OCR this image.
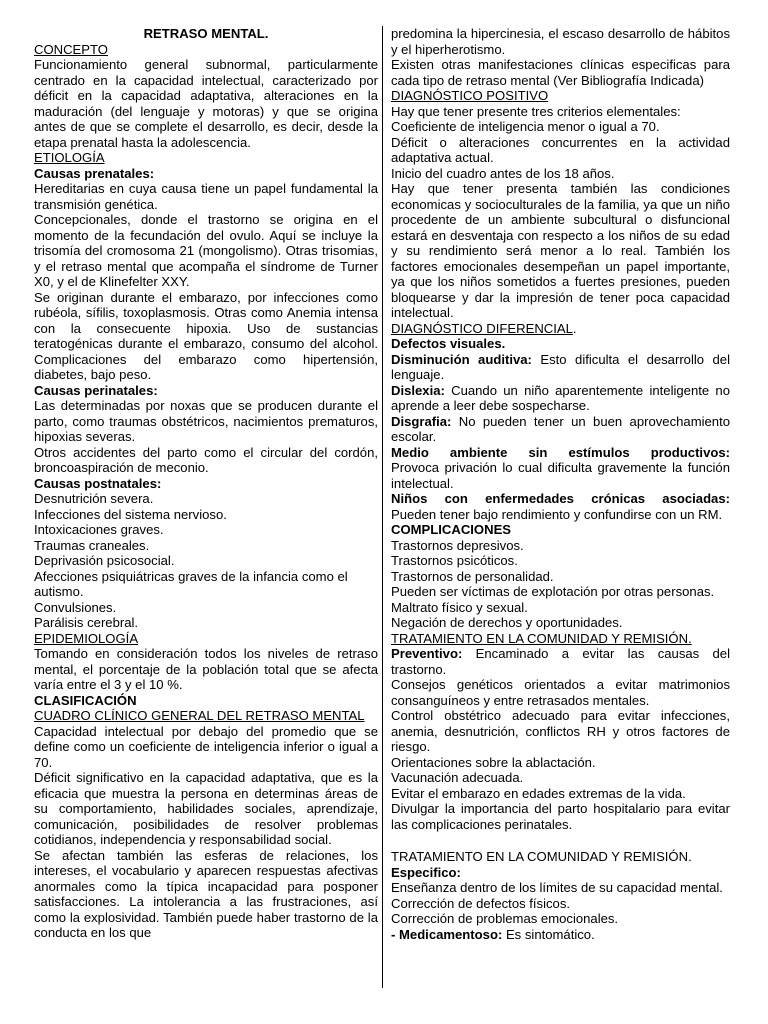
RETRASO MENTAL.

CONCEPTO

Funcionamiento general subnormal, particularmente centrado en la capacidad intelectual, caracterizado por déficit en la capacidad adaptativa, alteraciones en la maduración (del lenguaje y motoras) y que se origina antes de que se complete el desarrollo, es decir, desde la etapa prenatal hasta la adolescencia.

ETIOLOGÍA

Causas prenatales:

Hereditarias en cuya causa tiene un papel fundamental la transmisión genética.

Concepcionales, donde el trastorno se origina en el momento de la fecundación del ovulo. Aquí se incluye la trisomía del cromosoma 21 (mongolismo). Otras trisomias, y el retraso mental que acompaña el síndrome de Turner X0, y el de Klinefelter XXY.

Se originan durante el embarazo, por infecciones como rubéola, sífilis, toxoplasmosis. Otras como Anemia intensa con la consecuente hipoxia. Uso de sustancias teratogénicas durante el embarazo, consumo del alcohol. Complicaciones del embarazo como hipertensión, diabetes, bajo peso.

Causas perinatales:

Las determinadas por noxas que se producen durante el parto, como traumas obstétricos, nacimientos prematuros, hipoxias severas.

Otros accidentes del parto como el circular del cordón, broncoaspiración de meconio.

Causas postnatales:

Desnutrición severa.

Infecciones del sistema nervioso.

Intoxicaciones graves.

Traumas craneales.

Deprivasión psicosocial.

Afecciones psiquiátricas graves de la infancia como el autismo.

Convulsiones.

Parálisis cerebral.

EPIDEMIOLOGÍA

Tomando en consideración todos los niveles de retraso mental, el porcentaje de la población total que se afecta varía entre el 3 y el 10 %.

CLASIFICACIÓN

CUADRO CLÍNICO GENERAL DEL RETRASO MENTAL

Capacidad intelectual por debajo del promedio que se define como un coeficiente de inteligencia inferior o igual a 70.

Déficit significativo en la capacidad adaptativa, que es la eficacia que muestra la persona en determinas áreas de su comportamiento, habilidades sociales, aprendizaje, comunicación, posibilidades de resolver problemas cotidianos, independencia y responsabilidad social.

Se afectan también las esferas de relaciones, los intereses, el vocabulario y aparecen respuestas afectivas anormales como la típica incapacidad para posponer satisfacciones. La intolerancia a las frustraciones, así como la explosividad. También puede haber trastorno de la conducta en los que

predomina la hipercinesia, el escaso desarrollo de hábitos y el hiperherotismo.

Existen otras manifestaciones clínicas especificas para cada tipo de retraso mental (Ver Bibliografía Indicada)

DIAGNÓSTICO POSITIVO

Hay que tener presente tres criterios elementales:

Coeficiente de inteligencia menor o igual a 70.

Déficit o alteraciones concurrentes en la actividad adaptativa actual.

Inicio del cuadro antes de los 18 años.

Hay que tener presenta también las condiciones economicas y socioculturales de la familia, ya que un niño procedente de un ambiente subcultural o disfuncional estará en desventaja con respecto a los niños de su edad y su rendimiento será menor a lo real. También los factores emocionales desempeñan un papel importante, ya que los niños sometidos a fuertes presiones, pueden bloquearse y dar la impresión de tener poca capacidad intelectual.

DIAGNÓSTICO DIFERENCIAL.

Defectos visuales.

Disminución auditiva: Esto dificulta el desarrollo del lenguaje.

Dislexia: Cuando un niño aparentemente inteligente no aprende a leer debe sospecharse.

Disgrafia: No pueden tener un buen aprovechamiento escolar.

Medio ambiente sin estímulos productivos:

Provoca privación lo cual dificulta gravemente la función intelectual.

Niños con enfermedades crónicas asociadas:

Pueden tener bajo rendimiento y confundirse con un RM.

COMPLICACIONES

Trastornos depresivos.

Trastornos psicóticos.

Trastornos de personalidad.

Pueden ser víctimas de explotación por otras personas.

Maltrato físico y sexual.

Negación de derechos y oportunidades.

TRATAMIENTO EN LA COMUNIDAD Y REMISIÓN.

Preventivo: Encaminado a evitar las causas del trastorno.

Consejos genéticos orientados a evitar matrimonios consanguíneos y entre retrasados mentales.

Control obstétrico adecuado para evitar infecciones, anemia, desnutrición, conflictos RH y otros factores de riesgo.

Orientaciones sobre la ablactación.

Vacunación adecuada.

Evitar el embarazo en edades extremas de la vida.

Divulgar la importancia del parto hospitalario para evitar las complicaciones perinatales.

TRATAMIENTO EN LA COMUNIDAD Y REMISIÓN.

Especifico:

Enseñanza dentro de los límites de su capacidad mental.

Corrección de defectos físicos.

Corrección de problemas emocionales.

- Medicamentoso: Es sintomático.
